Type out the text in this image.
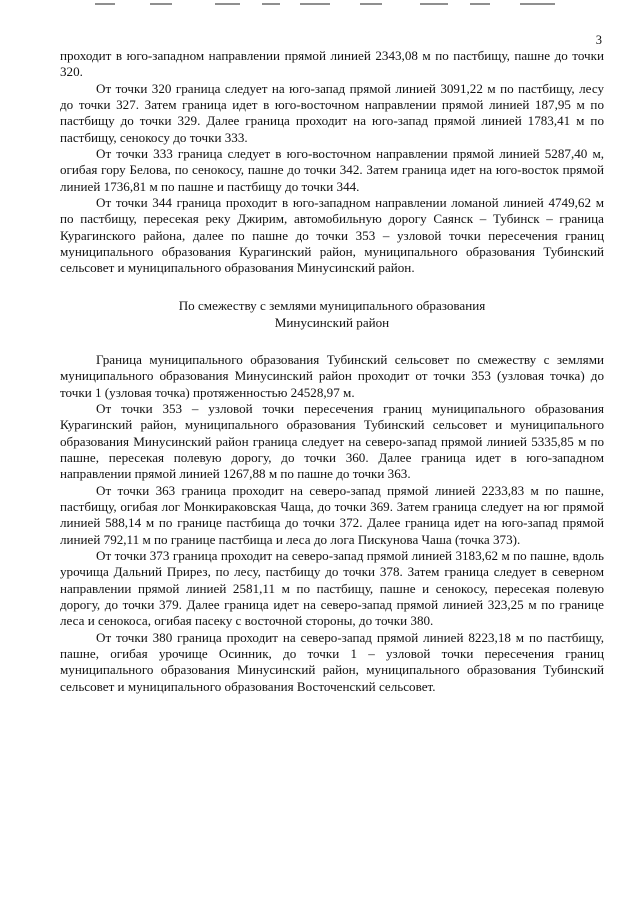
3

проходит в юго-западном направлении прямой линией 2343,08 м по пастбищу, пашне до точки 320.

От точки 320 граница следует на юго-запад прямой линией 3091,22 м по пастбищу, лесу до точки 327. Затем граница идет в юго-восточном направлении прямой линией 187,95 м по пастбищу до точки 329. Далее граница проходит на юго-запад прямой линией 1783,41 м по пастбищу, сенокосу до точки 333.

От точки 333 граница следует в юго-восточном направлении прямой линией 5287,40 м, огибая гору Белова, по сенокосу, пашне до точки 342. Затем граница идет на юго-восток прямой линией 1736,81 м по пашне и пастбищу до точки 344.

От точки 344 граница проходит в юго-западном направлении ломаной линией 4749,62 м по пастбищу, пересекая реку Джирим, автомобильную дорогу Саянск – Тубинск – граница Курагинского района, далее по пашне до точки 353 – узловой точки пересечения границ муниципального образования Курагинский район, муниципального образования Тубинский сельсовет и муниципального образования Минусинский район.

По смежеству с землями муниципального образования
Минусинский район

Граница муниципального образования Тубинский сельсовет по смежеству с землями муниципального образования Минусинский район проходит от точки 353 (узловая точка) до точки 1 (узловая точка) протяженностью 24528,97 м.

От точки 353 – узловой точки пересечения границ муниципального образования Курагинский район, муниципального образования Тубинский сельсовет и муниципального образования Минусинский район граница следует на северо-запад прямой линией 5335,85 м по пашне, пересекая полевую дорогу, до точки 360. Далее граница идет в юго-западном направлении прямой линией 1267,88 м по пашне до точки 363.

От точки 363 граница проходит на северо-запад прямой линией 2233,83 м по пашне, пастбищу, огибая лог Монкираковская Чаща, до точки 369. Затем граница следует на юг прямой линией 588,14 м по границе пастбища до точки 372. Далее граница идет на юго-запад прямой линией 792,11 м по границе пастбища и леса до лога Пискунова Чаша (точка 373).

От точки 373 граница проходит на северо-запад прямой линией 3183,62 м по пашне, вдоль урочища Дальний Прирез, по лесу, пастбищу до точки 378. Затем граница следует в северном направлении прямой линией 2581,11 м по пастбищу, пашне и сенокосу, пересекая полевую дорогу, до точки 379. Далее граница идет на северо-запад прямой линией 323,25 м по границе леса и сенокоса, огибая пасеку с восточной стороны, до точки 380.

От точки 380 граница проходит на северо-запад прямой линией 8223,18 м по пастбищу, пашне, огибая урочище Осинник, до точки 1 – узловой точки пересечения границ муниципального образования Минусинский район, муниципального образования Тубинский сельсовет и муниципального образования Восточенский сельсовет.
